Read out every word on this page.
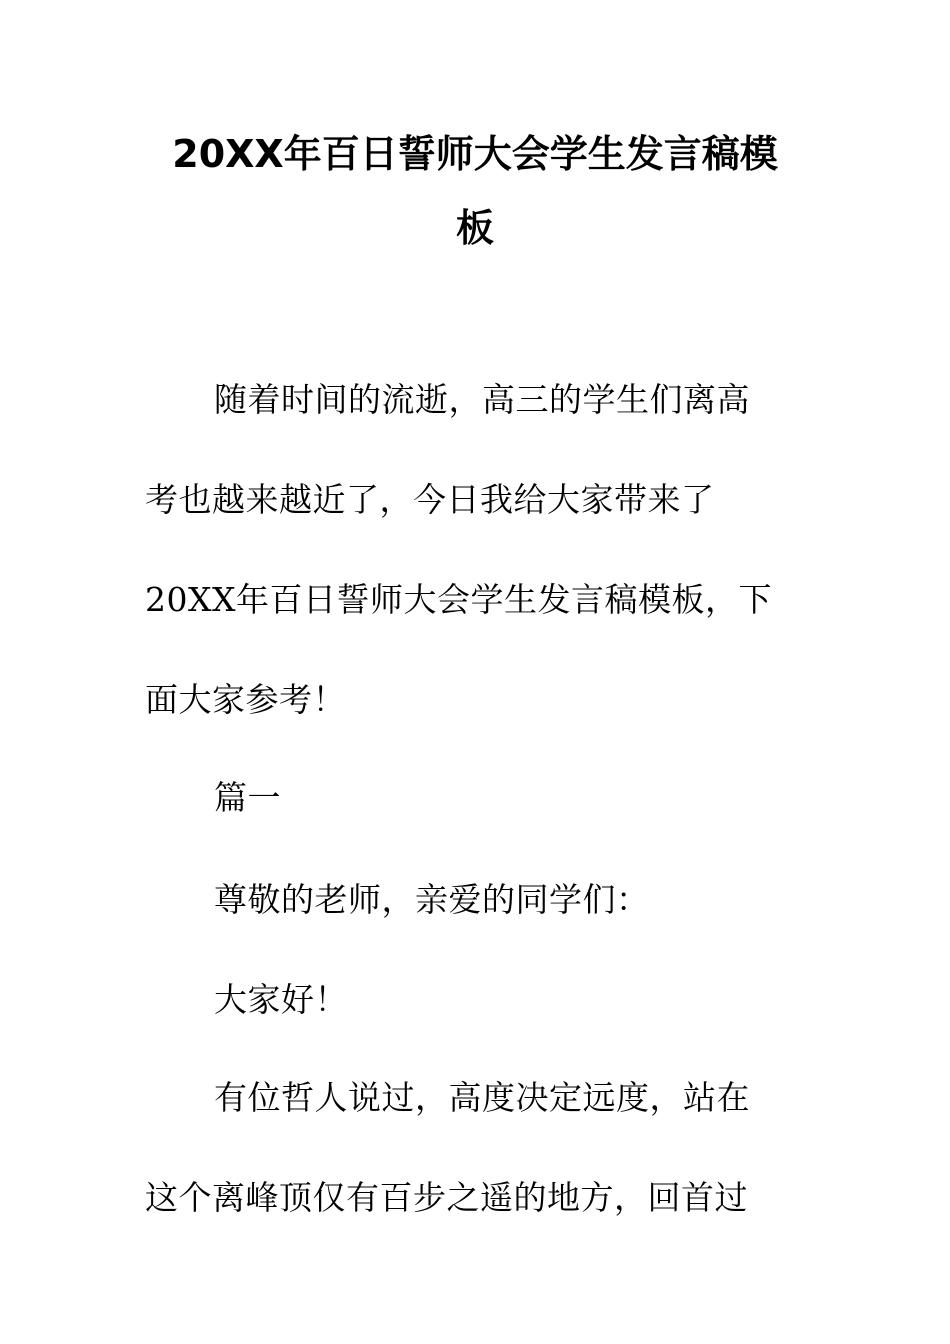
20XX年百日誓师大会学生发言稿模
板
随着时间的流逝，高三的学生们离高
考也越来越近了，今日我给大家带来了
20XX年百日誓师大会学生发言稿模板，下
面大家参考！
篇一
尊敬的老师，亲爱的同学们：
大家好！
有位哲人说过，高度决定远度，站在
这个离峰顶仅有百步之遥的地方，回首过
